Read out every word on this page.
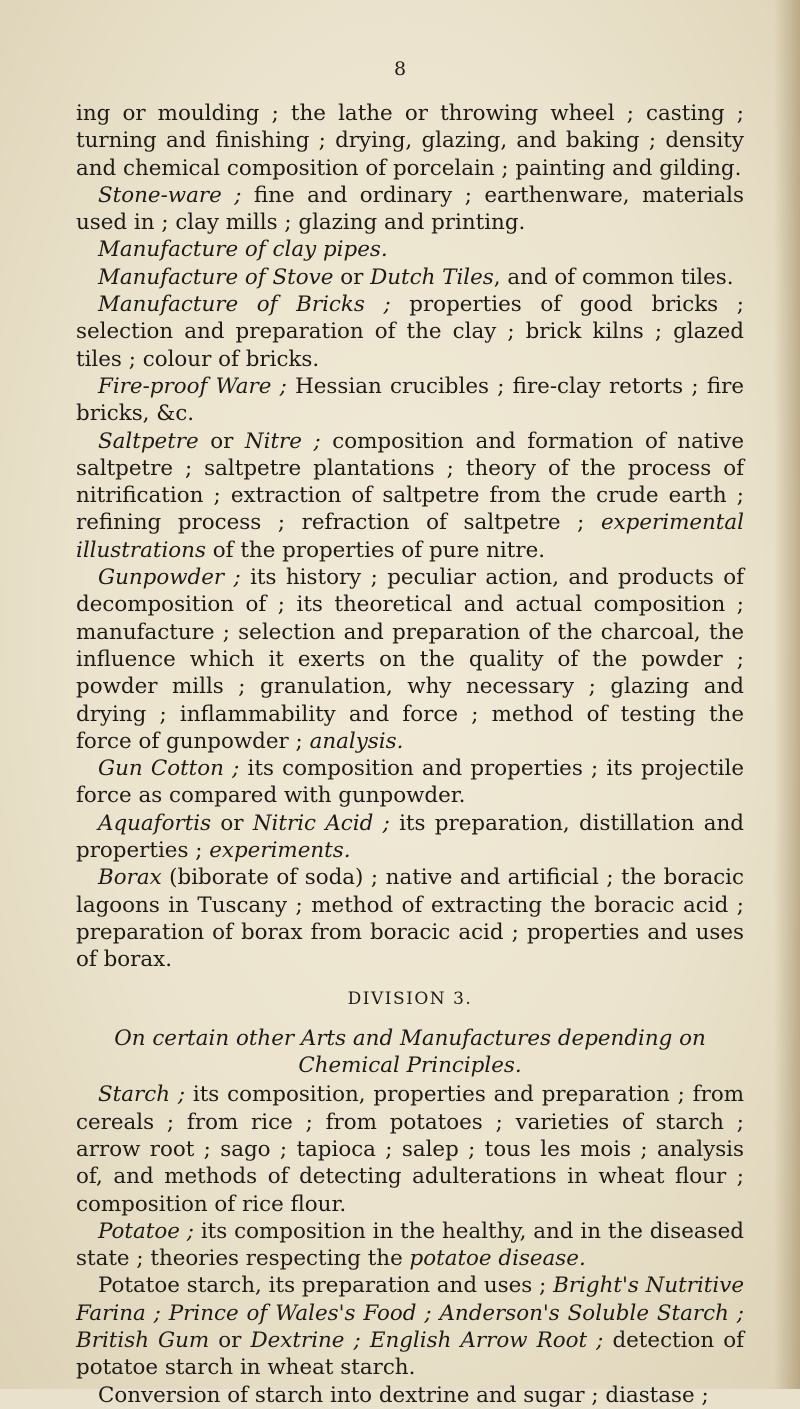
8

ing or moulding ; the lathe or throwing wheel ; casting ; turning and finishing ; drying, glazing, and baking ; density and chemical composition of porcelain ; painting and gilding.

Stone-ware ; fine and ordinary ; earthenware, materials used in ; clay mills ; glazing and printing.

Manufacture of clay pipes.

Manufacture of Stove or Dutch Tiles, and of common tiles.

Manufacture of Bricks ; properties of good bricks ; selection and preparation of the clay ; brick kilns ; glazed tiles ; colour of bricks.

Fire-proof Ware ; Hessian crucibles ; fire-clay retorts ; fire bricks, &c.

Saltpetre or Nitre ; composition and formation of native saltpetre ; saltpetre plantations ; theory of the process of nitrification ; extraction of saltpetre from the crude earth ; refining process ; refraction of saltpetre ; experimental illustrations of the properties of pure nitre.

Gunpowder ; its history ; peculiar action, and products of decomposition of ; its theoretical and actual composition ; manufacture ; selection and preparation of the charcoal, the influence which it exerts on the quality of the powder ; powder mills ; granulation, why necessary ; glazing and drying ; inflammability and force ; method of testing the force of gunpowder ; analysis.

Gun Cotton ; its composition and properties ; its projectile force as compared with gunpowder.

Aquafortis or Nitric Acid ; its preparation, distillation and properties ; experiments.

Borax (biborate of soda) ; native and artificial ; the boracic lagoons in Tuscany ; method of extracting the boracic acid ; preparation of borax from boracic acid ; properties and uses of borax.

DIVISION 3.
On certain other Arts and Manufactures depending on
Chemical Principles.

Starch ; its composition, properties and preparation ; from cereals ; from rice ; from potatoes ; varieties of starch ; arrow root ; sago ; tapioca ; salep ; tous les mois ; analysis of, and methods of detecting adulterations in wheat flour ; composition of rice flour.

Potatoe ; its composition in the healthy, and in the diseased state ; theories respecting the potatoe disease.

Potatoe starch, its preparation and uses ; Bright's Nutritive Farina ; Prince of Wales's Food ; Anderson's Soluble Starch ; British Gum or Dextrine ; English Arrow Root ; detection of potatoe starch in wheat starch.

Conversion of starch into dextrine and sugar ; diastase ;
